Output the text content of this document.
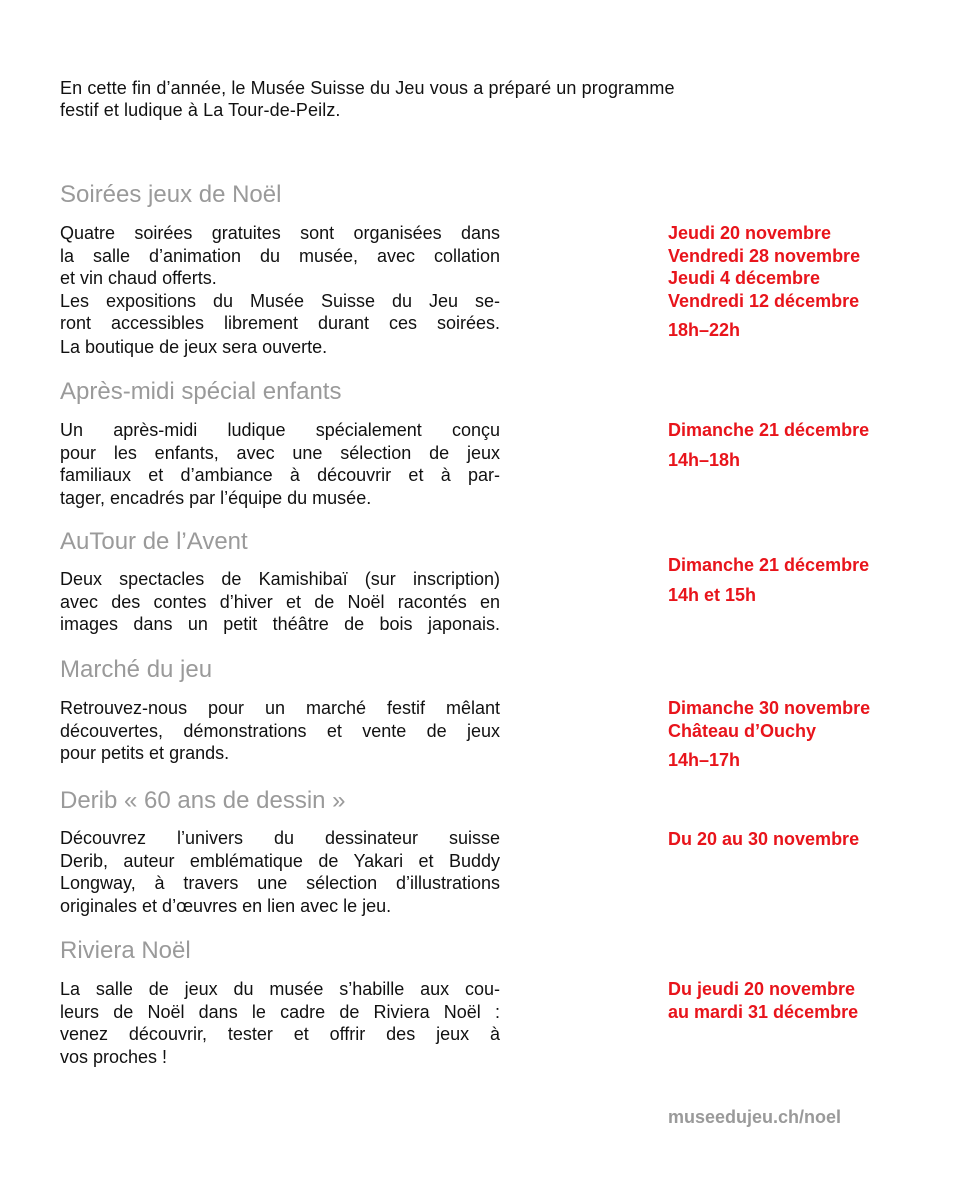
En cette fin d’année, le Musée Suisse du Jeu vous a préparé un programme
festif et ludique à La Tour-de-Peilz.
Soirées jeux de Noël
Quatre soirées gratuites sont organisées dans
la salle d’animation du musée, avec collation
et vin chaud offerts.
Les expositions du Musée Suisse du Jeu se-
ront accessibles librement durant ces soirées.
La boutique de jeux sera ouverte.
Jeudi 20 novembre
Vendredi 28 novembre
Jeudi 4 décembre
Vendredi 12 décembre
18h–22h
Après-midi spécial enfants
Un après-midi ludique spécialement conçu
pour les enfants, avec une sélection de jeux
familiaux et d’ambiance à découvrir et à par-
tager, encadrés par l’équipe du musée.
Dimanche 21 décembre
14h–18h
AuTour de l’Avent
Deux spectacles de Kamishibaï (sur inscription)
avec des contes d’hiver et de Noël racontés en
images dans un petit théâtre de bois japonais.
Dimanche 21 décembre
14h et 15h
Marché du jeu
Retrouvez-nous pour un marché festif mêlant
découvertes, démonstrations et vente de jeux
pour petits et grands.
Dimanche 30 novembre
Château d’Ouchy
14h–17h
Derib « 60 ans de dessin »
Découvrez l’univers du dessinateur suisse
Derib, auteur emblématique de Yakari et Buddy
Longway, à travers une sélection d’illustrations
originales et d’œuvres en lien avec le jeu.
Du 20 au 30 novembre
Riviera Noël
La salle de jeux du musée s’habille aux cou-
leurs de Noël dans le cadre de Riviera Noël :
venez découvrir, tester et offrir des jeux à
vos proches !
Du jeudi 20 novembre
au mardi 31 décembre
museedujeu.ch/noel
